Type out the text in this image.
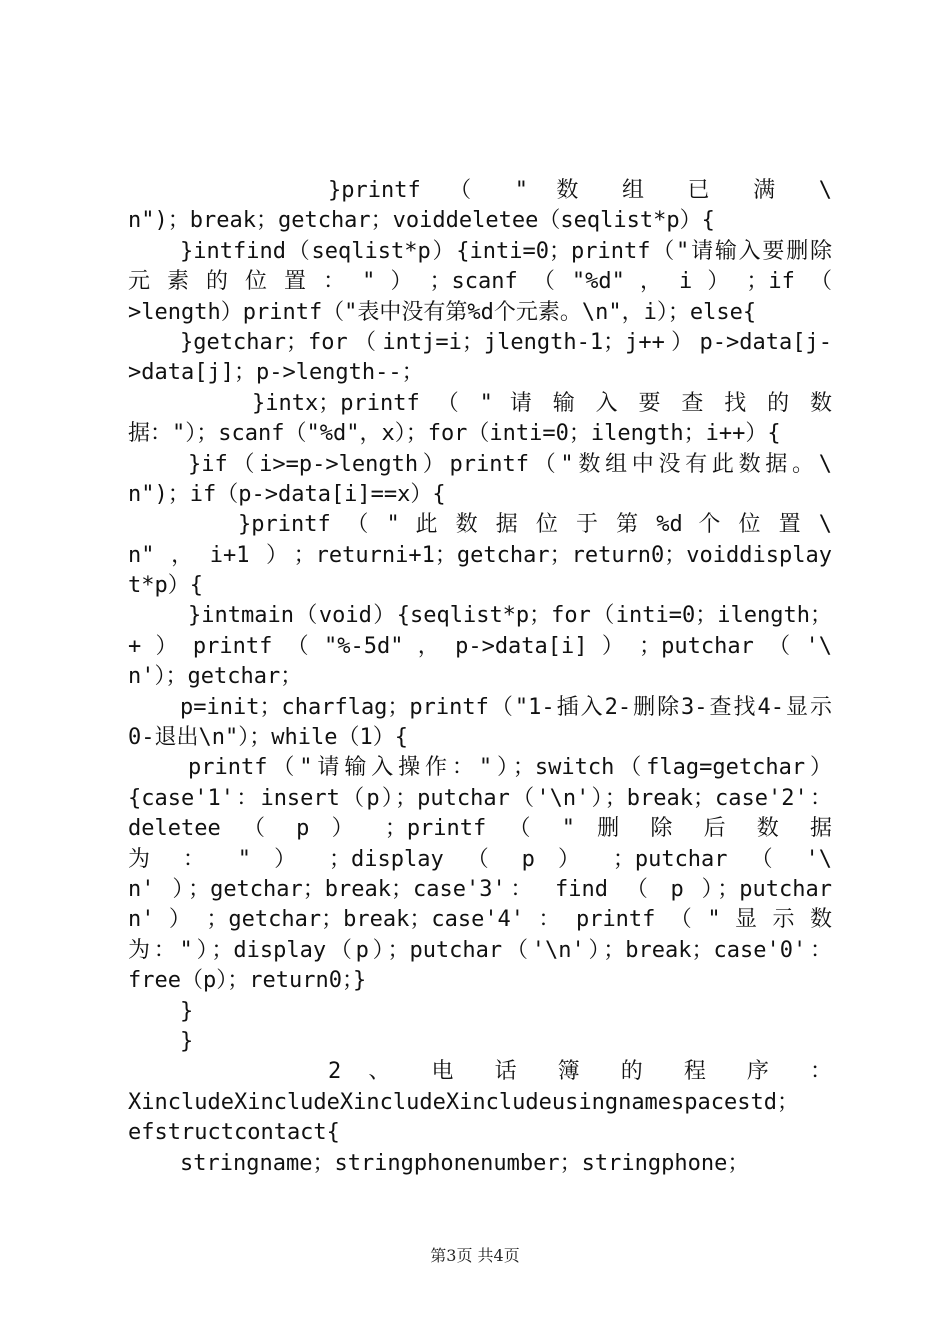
}printf （ " 数 组 已 满 \
n")；break；getchar；voiddeletee（seqlist*p）{
}intfind（seqlist*p）{inti=0；printf（"请输入要删除
元 素 的 位 置 ： " ） ；scanf （ "%d" ， i ） ；if （
>length）printf（"表中没有第%d个元素。\n"，i）；else{
}getchar；for（intj=i；jlength-1；j++）p->data[j-
>data[j]；p->length--；
}intx；printf （ " 请 输 入 要 查 找 的 数
据："）；scanf（"%d"，x）；for（inti=0；ilength；i++）{
}if（i>=p->length）printf（"数组中没有此数据。\
n")；if（p->data[i]==x）{
}printf （ " 此 数 据 位 于 第 %d 个 位 置 \
n"，i+1）；returni+1；getchar；return0；voiddisplay
t*p）{
}intmain（void）{seqlist*p；for（inti=0；ilength；
+ ） printf （ "%-5d" ， p->data[i] ） ；putchar （ '\
n'）；getchar；
p=init；charflag；printf（"1-插入2-删除3-查找4-显示
0-退出\n"）；while（1）{
printf（"请输入操作："）；switch（flag=getchar）
{case'1'：insert（p）；putchar（'\n'）；break；case'2'：
deletee （ p ） ；printf （ " 删 除 后 数 据
为 ： " ） ；display （ p ） ；putchar （ '\
n' ）；getchar；break；case'3'： find （ p ）；putchar
n' ） ；getchar；break；case'4' ： printf （ " 显 示 数
为："）；display（p）；putchar（'\n'）；break；case'0'：
free（p）；return0；}
}
}
2 、 电 话 簿 的 程 序 ：
XincludeXincludeXincludeXincludeusingnamespacestd；
efstructcontact{
stringname；stringphonenumber；stringphone；
第3页 共4页
